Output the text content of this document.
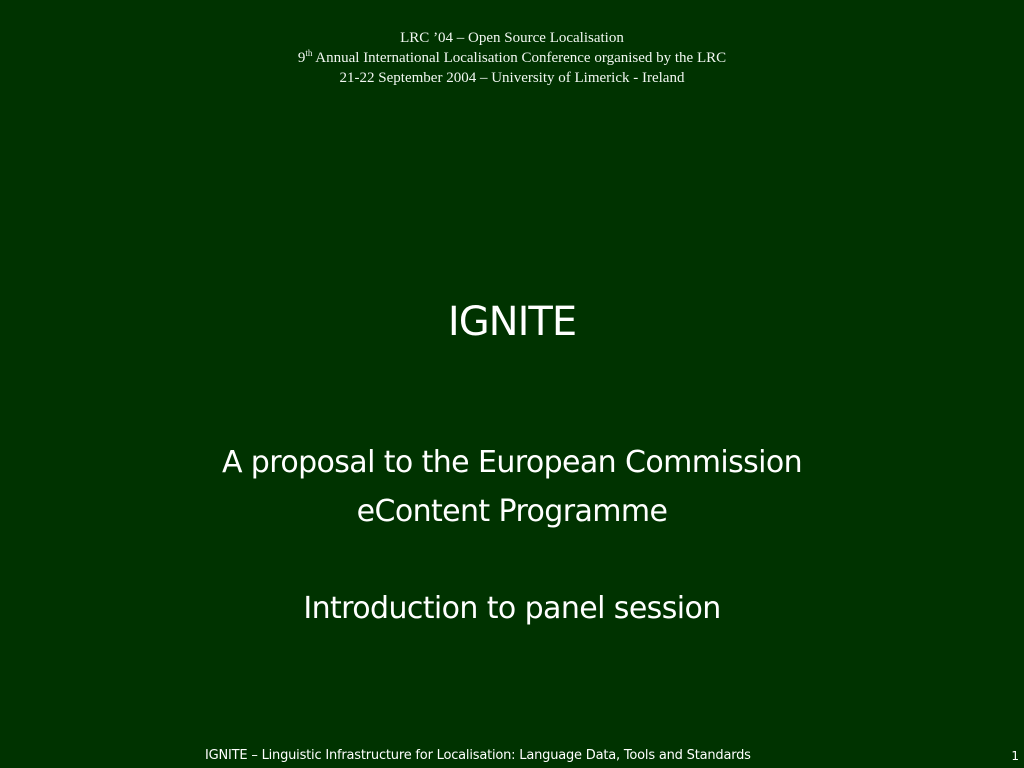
LRC ’04 – Open Source Localisation
9th Annual International Localisation Conference organised by the LRC
21-22 September 2004 – University of Limerick - Ireland
IGNITE
A proposal to the European Commission
eContent Programme
Introduction to panel session
IGNITE – Linguistic Infrastructure for Localisation: Language Data, Tools and Standards	1
